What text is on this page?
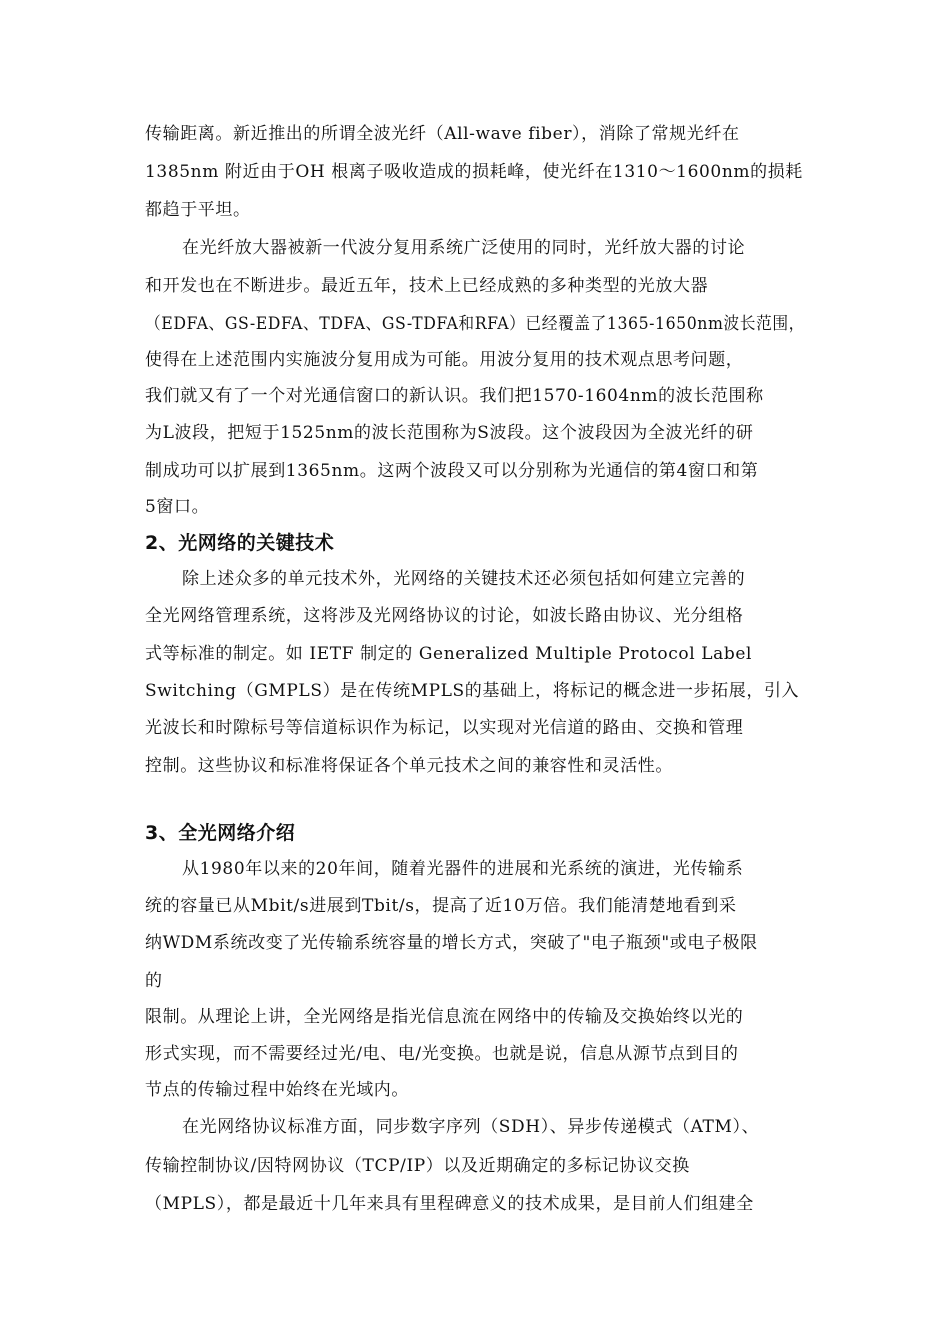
传输距离。新近推出的所谓全波光纤（All-wave fiber），消除了常规光纤在
1385nm 附近由于OH 根离子吸收造成的损耗峰，使光纤在1310～1600nm的损耗
都趋于平坦。
在光纤放大器被新一代波分复用系统广泛使用的同时，光纤放大器的讨论
和开发也在不断进步。最近五年，技术上已经成熟的多种类型的光放大器
（EDFA、GS-EDFA、TDFA、GS-TDFA和RFA）已经覆盖了1365-1650nm波长范围，
使得在上述范围内实施波分复用成为可能。用波分复用的技术观点思考问题，
我们就又有了一个对光通信窗口的新认识。我们把1570-1604nm的波长范围称
为L波段，把短于1525nm的波长范围称为S波段。这个波段因为全波光纤的研
制成功可以扩展到1365nm。这两个波段又可以分别称为光通信的第4窗口和第
5窗口。
2、光网络的关键技术
除上述众多的单元技术外，光网络的关键技术还必须包括如何建立完善的
全光网络管理系统，这将涉及光网络协议的讨论，如波长路由协议、光分组格
式等标准的制定。如 IETF 制定的 Generalized Multiple Protocol Label
Switching（GMPLS）是在传统MPLS的基础上，将标记的概念进一步拓展，引入
光波长和时隙标号等信道标识作为标记，以实现对光信道的路由、交换和管理
控制。这些协议和标准将保证各个单元技术之间的兼容性和灵活性。
3、全光网络介绍
从1980年以来的20年间，随着光器件的进展和光系统的演进，光传输系
统的容量已从Mbit/s进展到Tbit/s，提高了近10万倍。我们能清楚地看到采
纳WDM系统改变了光传输系统容量的增长方式，突破了"电子瓶颈"或电子极限
的
限制。从理论上讲，全光网络是指光信息流在网络中的传输及交换始终以光的
形式实现，而不需要经过光/电、电/光变换。也就是说，信息从源节点到目的
节点的传输过程中始终在光域内。
在光网络协议标准方面，同步数字序列（SDH）、异步传递模式（ATM）、
传输控制协议/因特网协议（TCP/IP）以及近期确定的多标记协议交换
（MPLS），都是最近十几年来具有里程碑意义的技术成果，是目前人们组建全
